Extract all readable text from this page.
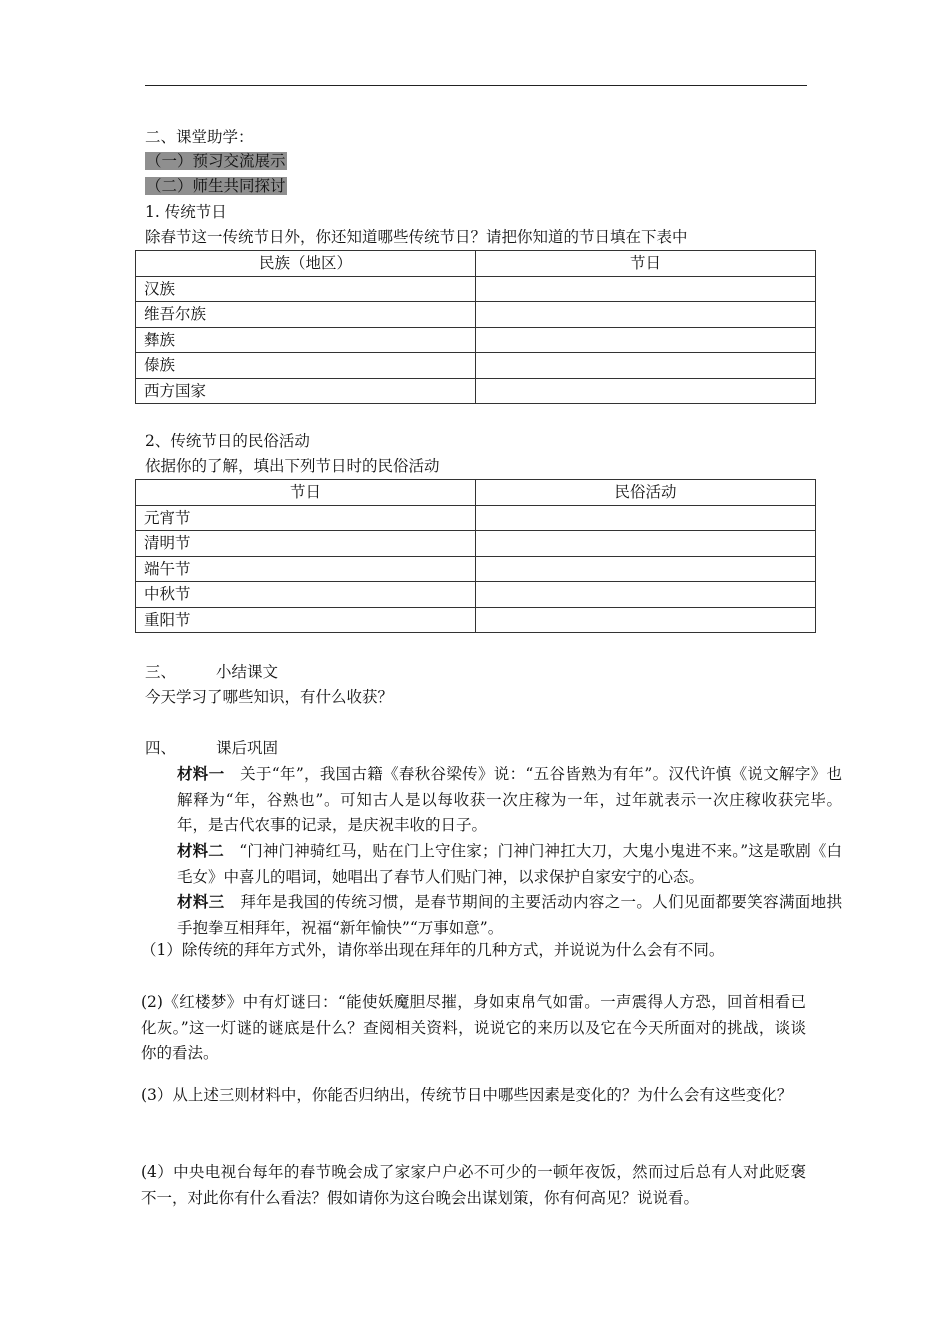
二、课堂助学：
（一）预习交流展示
（二）师生共同探讨
1. 传统节日
除春节这一传统节日外，你还知道哪些传统节日？请把你知道的节日填在下表中
民族（地区）	节日
汉族	
维吾尔族	
彝族	
傣族	
西方国家	
2、传统节日的民俗活动
依据你的了解，填出下列节日时的民俗活动
节日	民俗活动
元宵节	
清明节	
端午节	
中秋节	
重阳节	
三、	小结课文
今天学习了哪些知识，有什么收获？
四、	课后巩固
材料一 关于“年”，我国古籍《春秋谷梁传》说：“五谷皆熟为有年”。汉代许慎《说文解字》也解释为“年，谷熟也”。可知古人是以每收获一次庄稼为一年，过年就表示一次庄稼收获完毕。年，是古代农事的记录，是庆祝丰收的日子。
材料二 “门神门神骑红马，贴在门上守住家；门神门神扛大刀，大鬼小鬼进不来。”这是歌剧《白毛女》中喜儿的唱词，她唱出了春节人们贴门神，以求保护自家安宁的心态。
材料三 拜年是我国的传统习惯，是春节期间的主要活动内容之一。人们见面都要笑容满面地拱手抱拳互相拜年，祝福“新年愉快”“万事如意”。
（1）除传统的拜年方式外，请你举出现在拜年的几种方式，并说说为什么会有不同。
(2)《红楼梦》中有灯谜曰：“能使妖魔胆尽摧，身如束帛气如雷。一声震得人方恐，回首相看已化灰。”这一灯谜的谜底是什么？查阅相关资料，说说它的来历以及它在今天所面对的挑战，谈谈你的看法。
(3）从上述三则材料中，你能否归纳出，传统节日中哪些因素是变化的？为什么会有这些变化？
(4）中央电视台每年的春节晚会成了家家户户必不可少的一顿年夜饭，然而过后总有人对此贬褒不一，对此你有什么看法？假如请你为这台晚会出谋划策，你有何高见？说说看。
